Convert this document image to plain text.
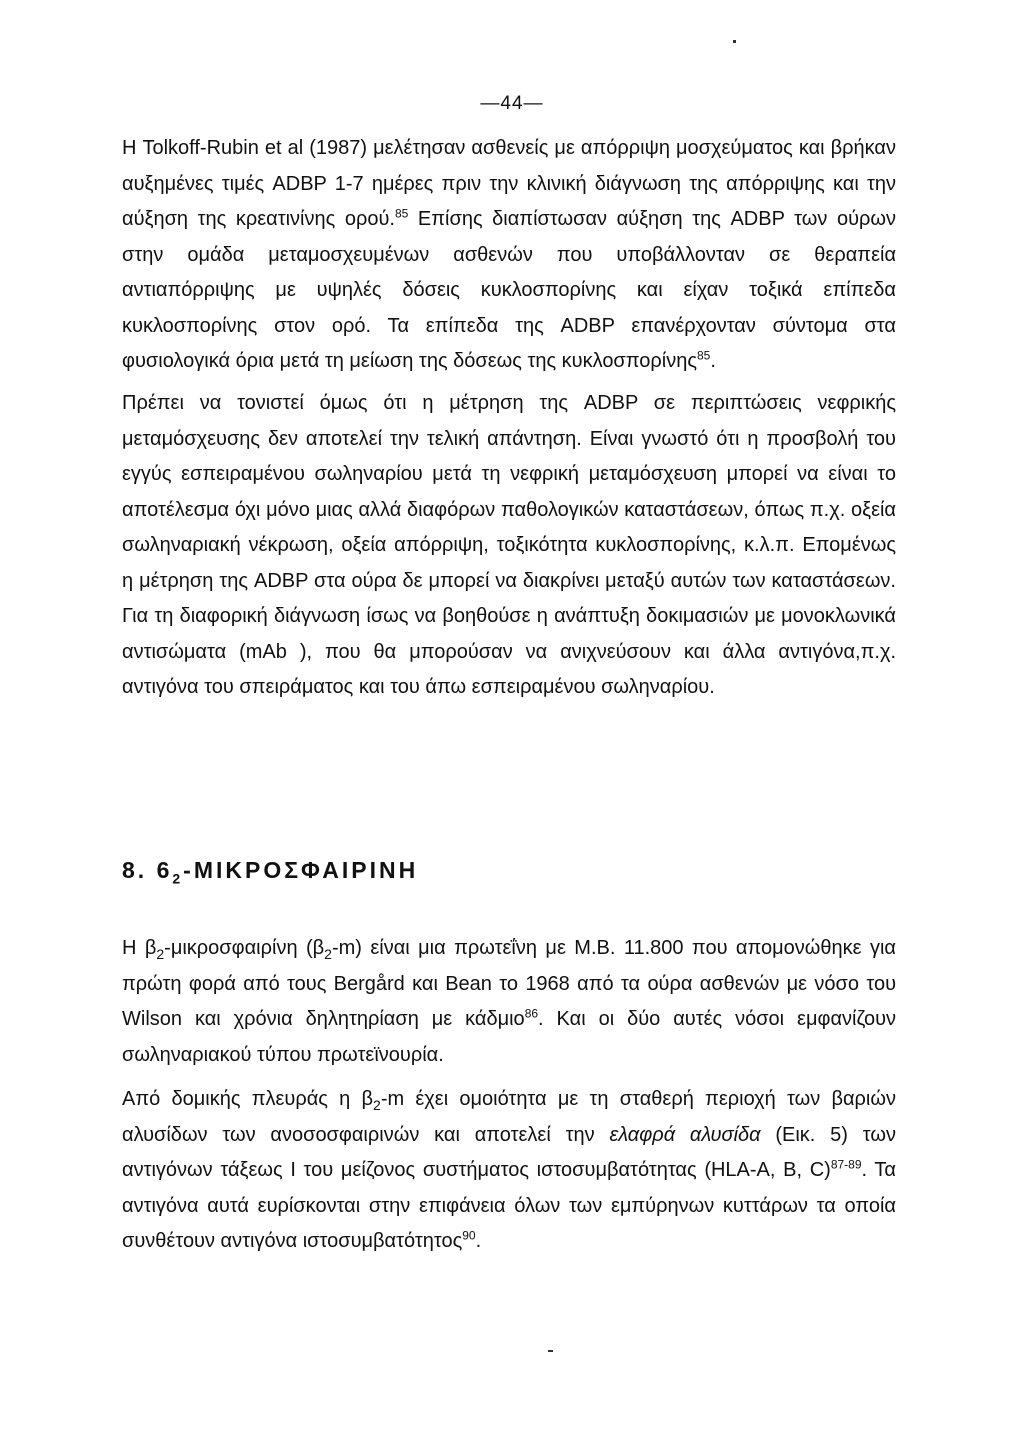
—44—

Η Tolkoff-Rubin et al (1987) μελέτησαν ασθενείς με απόρριψη μοσχεύματος και βρήκαν αυξημένες τιμές ADBP 1-7 ημέρες πριν την κλινική διάγνωση της απόρριψης και την αύξηση της κρεατινίνης ορού.$^{85}$ Επίσης διαπίστωσαν αύξηση της ADBP των ούρων στην ομάδα μεταμοσχευμένων ασθενών που υποβάλλονταν σε θεραπεία αντιαπόρριψης με υψηλές δόσεις κυκλοσπορίνης και είχαν τοξικά επίπεδα κυκλοσπορίνης στον ορό. Τα επίπεδα της ADBP επανέρχονταν σύντομα στα φυσιολογικά όρια μετά τη μείωση της δόσεως της κυκλοσπορίνης$^{85}$.

Πρέπει να τονιστεί όμως ότι η μέτρηση της ADBP σε περιπτώσεις νεφρικής μεταμόσχευσης δεν αποτελεί την τελική απάντηση. Είναι γνωστό ότι η προσβολή του εγγύς εσπειραμένου σωληναρίου μετά τη νεφρική μεταμόσχευση μπορεί να είναι το αποτέλεσμα όχι μόνο μιας αλλά διαφόρων παθολογικών καταστάσεων, όπως π.χ. οξεία σωληναριακή νέκρωση, οξεία απόρριψη, τοξικότητα κυκλοσπορίνης, κ.λ.π. Επομένως η μέτρηση της ADBP στα ούρα δε μπορεί να διακρίνει μεταξύ αυτών των καταστάσεων. Για τη διαφορική διάγνωση ίσως να βοηθούσε η ανάπτυξη δοκιμασιών με μονοκλωνικά αντισώματα (mAb ), που θα μπορούσαν να ανιχνεύσουν και άλλα αντιγόνα,π.χ. αντιγόνα του σπειράματος και του άπω εσπειραμένου σωληναρίου.

8. $6_2$-ΜΙΚΡΟΣΦΑΙΡΙΝΗ

Η $\beta_2$-μικροσφαιρίνη $(\beta_2-m)$ είναι μια πρωτεΐνη με Μ.Β. 11.800 που απομονώθηκε για πρώτη φορά από τους Bergård και Bean το 1968 από τα ούρα ασθενών με νόσο του Wilson και χρόνια δηλητηρίαση με κάδμιο$^{86}$. Και οι δύο αυτές νόσοι εμφανίζουν σωληναριακού τύπου πρωτεϊνουρία.

Από δομικής πλευράς η $\beta_2-m$ έχει ομοιότητα με τη σταθερή περιοχή των βαριών αλυσίδων των ανοσοσφαιρινών και αποτελεί την ελαφρά αλυσίδα (Εικ. 5) των αντιγόνων τάξεως Ι του μείζονος συστήματος ιστοσυμβατότητας (HLA-A, B, C)$^{87-89}$. Τα αντιγόνα αυτά ευρίσκονται στην επιφάνεια όλων των εμπύρηνων κυττάρων τα οποία συνθέτουν αντιγόνα ιστοσυμβατότητος$^{90}$.
